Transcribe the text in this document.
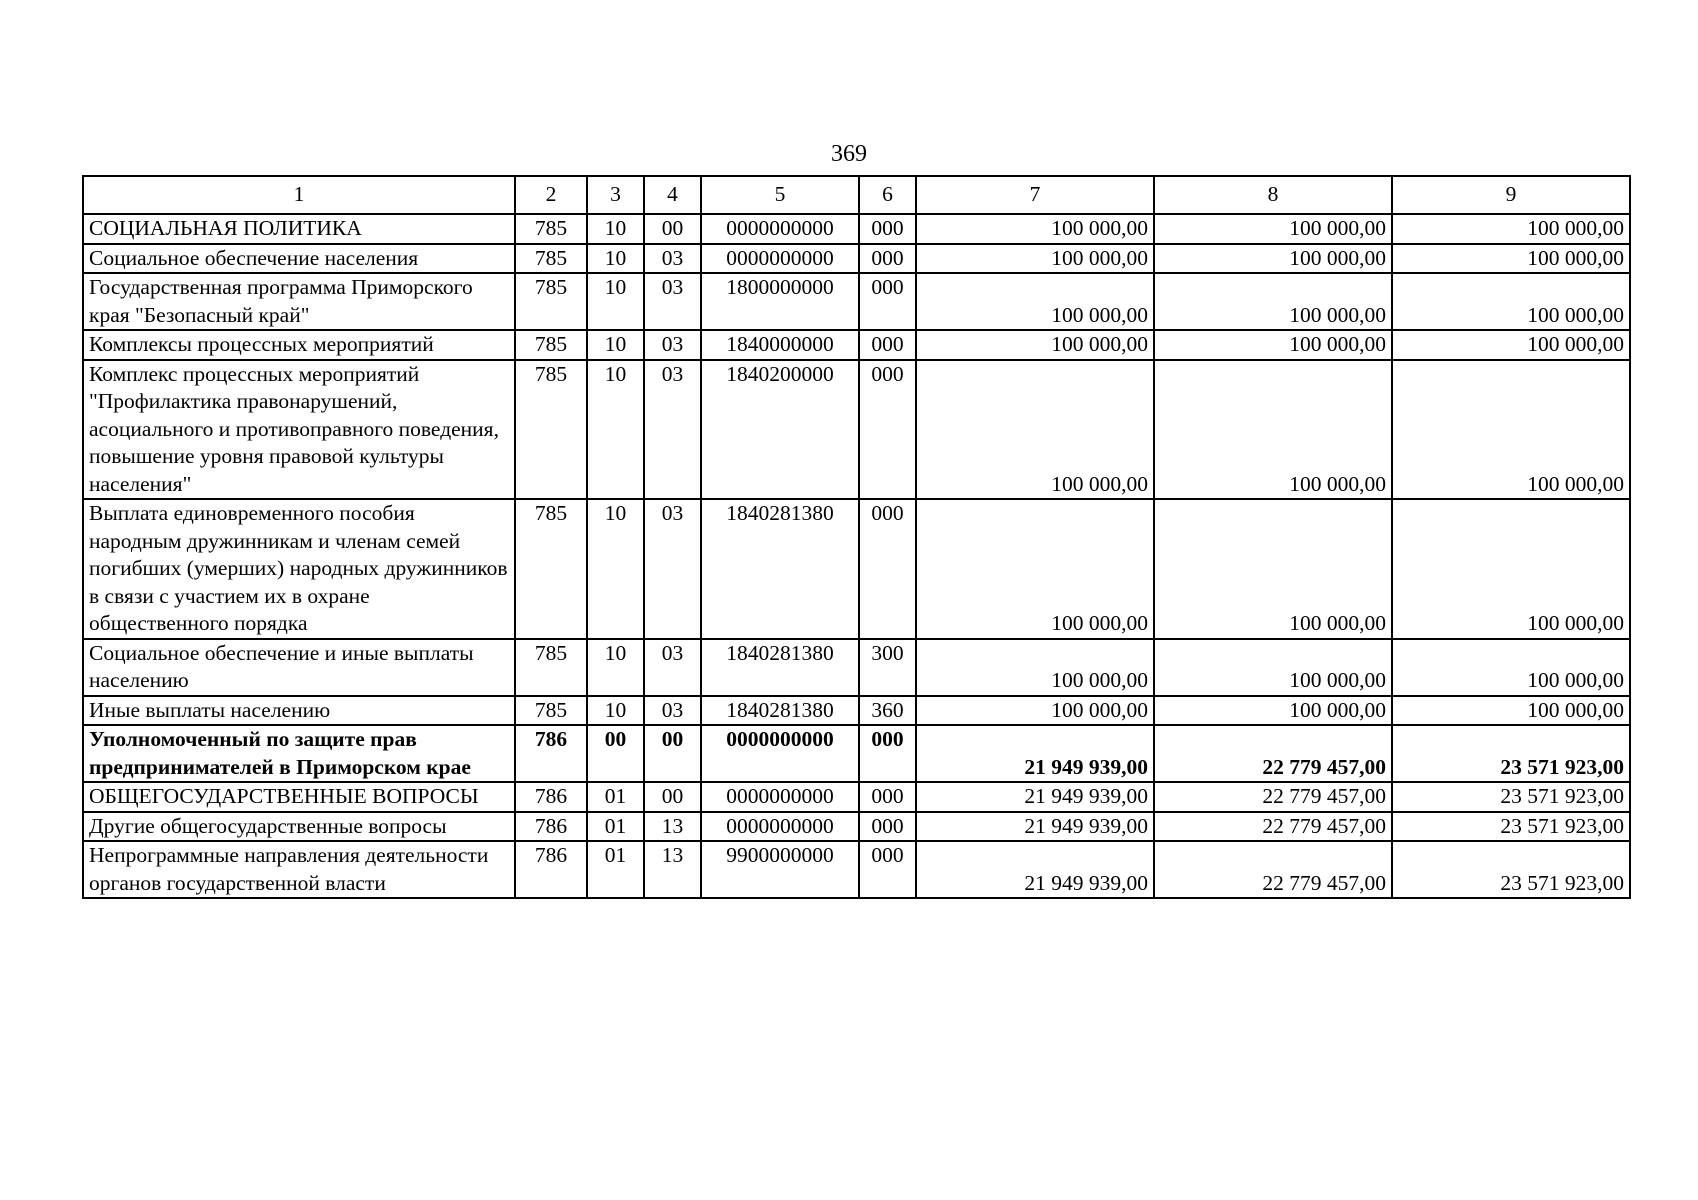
369
1	2	3	4	5	6	7	8	9
СОЦИАЛЬНАЯ ПОЛИТИКА	785	10	00	0000000000	000	100 000,00	100 000,00	100 000,00
Социальное обеспечение населения	785	10	03	0000000000	000	100 000,00	100 000,00	100 000,00
Государственная программа Приморского края "Безопасный край"	785	10	03	1800000000	000	100 000,00	100 000,00	100 000,00
Комплексы процессных мероприятий	785	10	03	1840000000	000	100 000,00	100 000,00	100 000,00
Комплекс процессных мероприятий "Профилактика правонарушений, асоциального и противоправного поведения, повышение уровня правовой культуры населения"	785	10	03	1840200000	000	100 000,00	100 000,00	100 000,00
Выплата единовременного пособия народным дружинникам и членам семей погибших (умерших) народных дружинников в связи с участием их в охране общественного порядка	785	10	03	1840281380	000	100 000,00	100 000,00	100 000,00
Социальное обеспечение и иные выплаты населению	785	10	03	1840281380	300	100 000,00	100 000,00	100 000,00
Иные выплаты населению	785	10	03	1840281380	360	100 000,00	100 000,00	100 000,00
Уполномоченный по защите прав предпринимателей в Приморском крае	786	00	00	0000000000	000	21 949 939,00	22 779 457,00	23 571 923,00
ОБЩЕГОСУДАРСТВЕННЫЕ ВОПРОСЫ	786	01	00	0000000000	000	21 949 939,00	22 779 457,00	23 571 923,00
Другие общегосударственные вопросы	786	01	13	0000000000	000	21 949 939,00	22 779 457,00	23 571 923,00
Непрограммные направления деятельности органов государственной власти	786	01	13	9900000000	000	21 949 939,00	22 779 457,00	23 571 923,00
